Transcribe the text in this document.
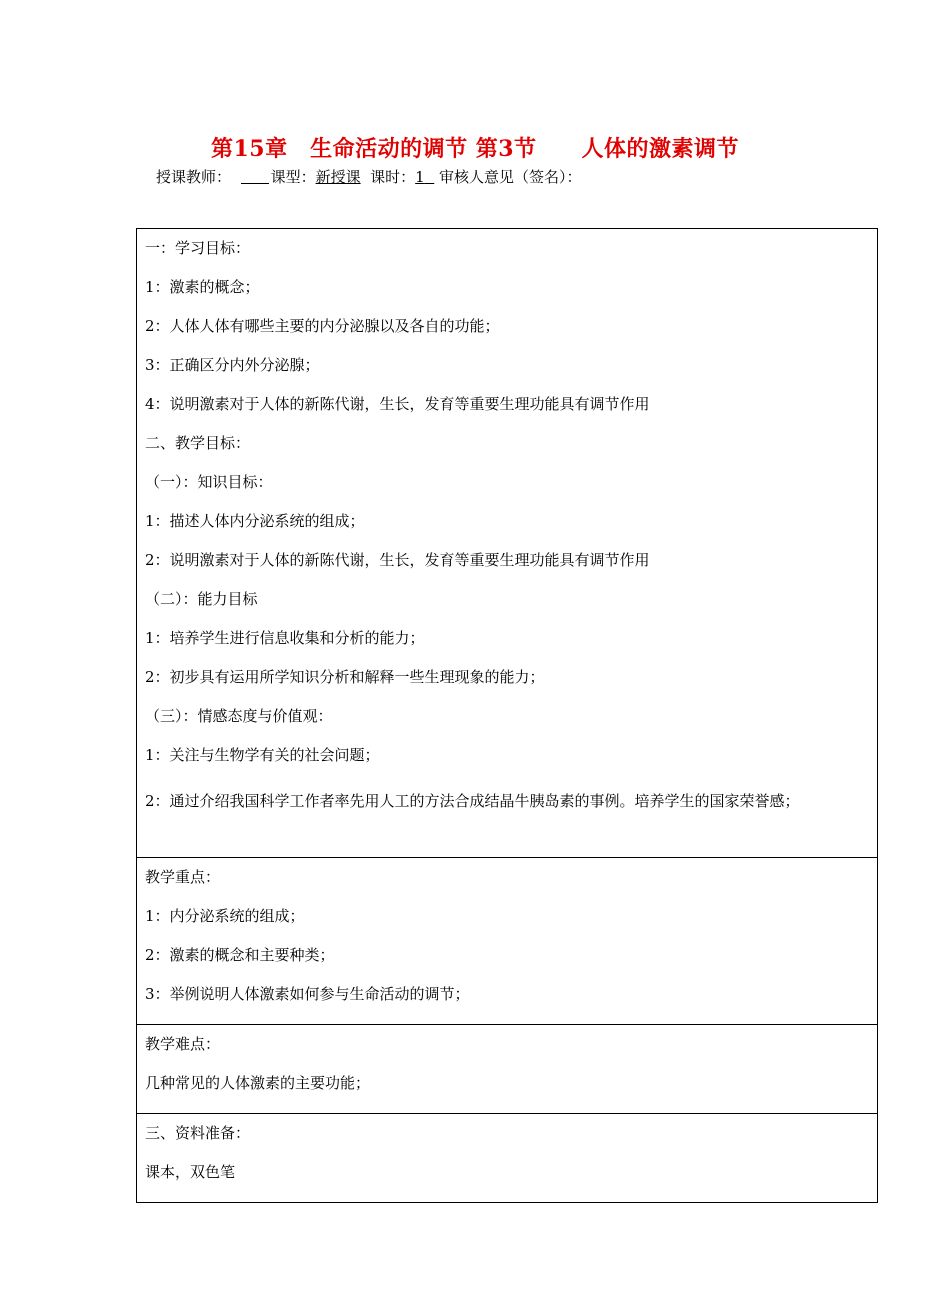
第15章　生命活动的调节 第3节　　人体的激素调节
授课教师：	课型：新授课 课时：1 审核人意见（签名）：
一：学习目标：
1：激素的概念；
2：人体人体有哪些主要的内分泌腺以及各自的功能；
3：正确区分内外分泌腺；
4：说明激素对于人体的新陈代谢，生长，发育等重要生理功能具有调节作用
二、教学目标：
（一）：知识目标：
1：描述人体内分泌系统的组成；
2：说明激素对于人体的新陈代谢，生长，发育等重要生理功能具有调节作用
（二）：能力目标
1：培养学生进行信息收集和分析的能力；
2：初步具有运用所学知识分析和解释一些生理现象的能力；
（三）：情感态度与价值观：
1：关注与生物学有关的社会问题；
2：通过介绍我国科学工作者率先用人工的方法合成结晶牛胰岛素的事例。培养学生的国家荣誉感；

教学重点：
1：内分泌系统的组成；
2：激素的概念和主要种类；
3：举例说明人体激素如何参与生命活动的调节；

教学难点：
几种常见的人体激素的主要功能；

三、资料准备：
课本，双色笔
